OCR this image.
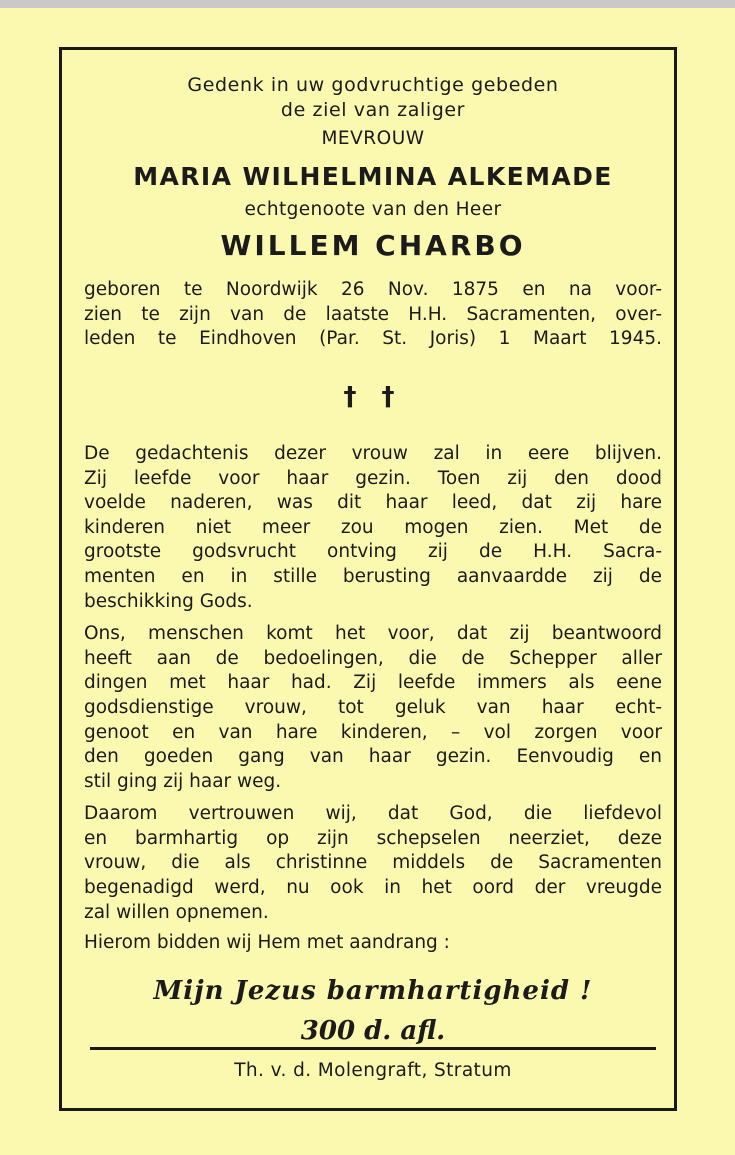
Gedenk in uw godvruchtige gebeden
de ziel van zaliger
MEVROUW
MARIA WILHELMINA ALKEMADE
echtgenoote van den Heer
WILLEM CHARBO
geboren te Noordwijk 26 Nov. 1875 en na voor-
zien te zijn van de laatste H.H. Sacramenten, over-
leden te Eindhoven (Par. St. Joris) 1 Maart 1945.
† †
De gedachtenis dezer vrouw zal in eere blijven.
Zij leefde voor haar gezin. Toen zij den dood
voelde naderen, was dit haar leed, dat zij hare
kinderen niet meer zou mogen zien. Met de
grootste godsvrucht ontving zij de H.H. Sacra-
menten en in stille berusting aanvaardde zij de
beschikking Gods.
Ons, menschen komt het voor, dat zij beantwoord
heeft aan de bedoelingen, die de Schepper aller
dingen met haar had. Zij leefde immers als eene
godsdienstige vrouw, tot geluk van haar echt-
genoot en van hare kinderen, – vol zorgen voor
den goeden gang van haar gezin. Eenvoudig en
stil ging zij haar weg.
Daarom vertrouwen wij, dat God, die liefdevol
en barmhartig op zijn schepselen neerziet, deze
vrouw, die als christinne middels de Sacramenten
begenadigd werd, nu ook in het oord der vreugde
zal willen opnemen.
Hierom bidden wij Hem met aandrang :
Mijn Jezus barmhartigheid !
300 d. afl.
Th. v. d. Molengraft, Stratum
